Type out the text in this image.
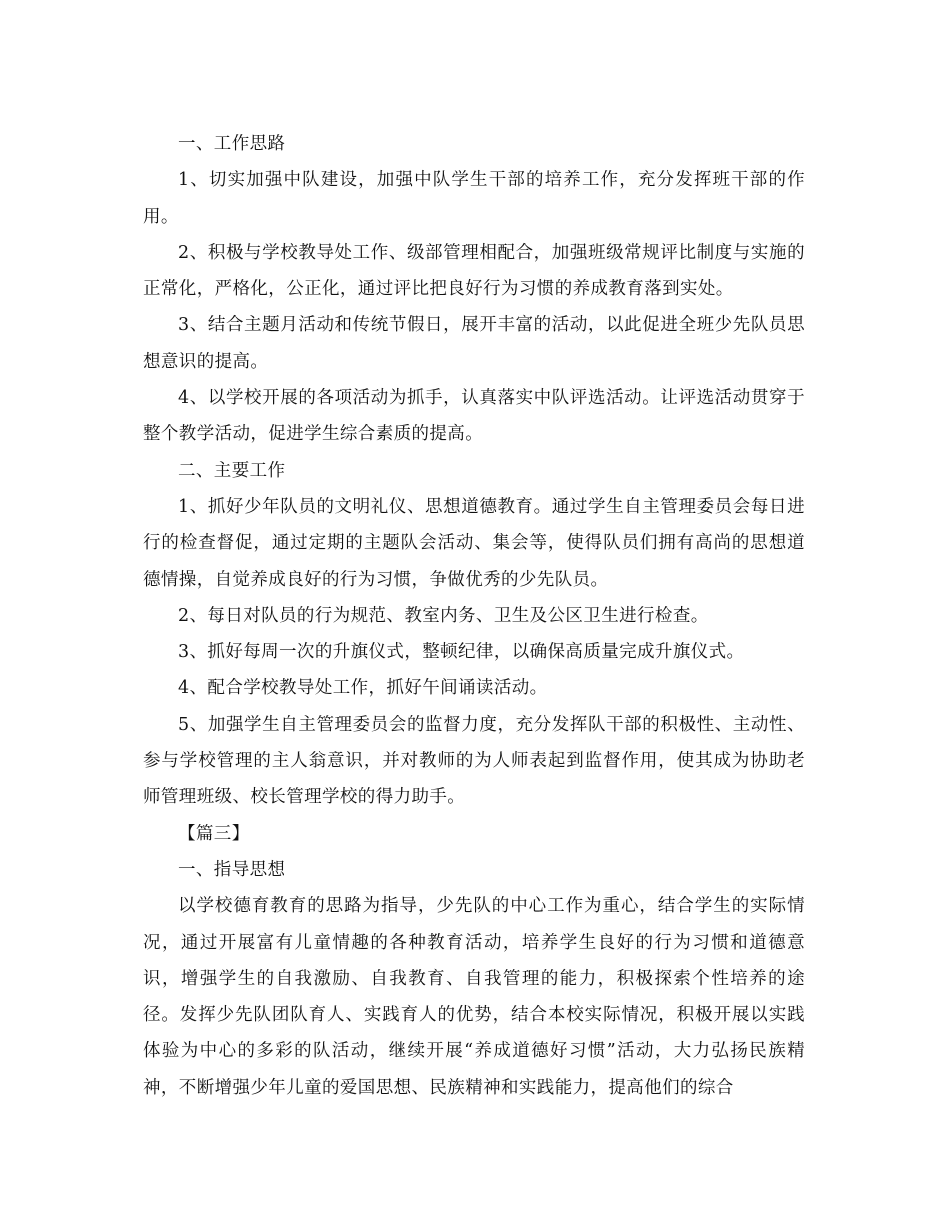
一、工作思路

1、切实加强中队建设，加强中队学生干部的培养工作，充分发挥班干部的作用。

2、积极与学校教导处工作、级部管理相配合，加强班级常规评比制度与实施的正常化，严格化，公正化，通过评比把良好行为习惯的养成教育落到实处。

3、结合主题月活动和传统节假日，展开丰富的活动，以此促进全班少先队员思想意识的提高。

4、以学校开展的各项活动为抓手，认真落实中队评选活动。让评选活动贯穿于整个教学活动，促进学生综合素质的提高。

二、主要工作

1、抓好少年队员的文明礼仪、思想道德教育。通过学生自主管理委员会每日进行的检查督促，通过定期的主题队会活动、集会等，使得队员们拥有高尚的思想道德情操，自觉养成良好的行为习惯，争做优秀的少先队员。

2、每日对队员的行为规范、教室内务、卫生及公区卫生进行检查。

3、抓好每周一次的升旗仪式，整顿纪律，以确保高质量完成升旗仪式。

4、配合学校教导处工作，抓好午间诵读活动。

5、加强学生自主管理委员会的监督力度，充分发挥队干部的积极性、主动性、参与学校管理的主人翁意识，并对教师的为人师表起到监督作用，使其成为协助老师管理班级、校长管理学校的得力助手。

【篇三】

一、指导思想

以学校德育教育的思路为指导，少先队的中心工作为重心，结合学生的实际情况，通过开展富有儿童情趣的各种教育活动，培养学生良好的行为习惯和道德意识，增强学生的自我激励、自我教育、自我管理的能力，积极探索个性培养的途径。发挥少先队团队育人、实践育人的优势，结合本校实际情况，积极开展以实践体验为中心的多彩的队活动，继续开展“养成道德好习惯”活动，大力弘扬民族精神，不断增强少年儿童的爱国思想、民族精神和实践能力，提高他们的综合
